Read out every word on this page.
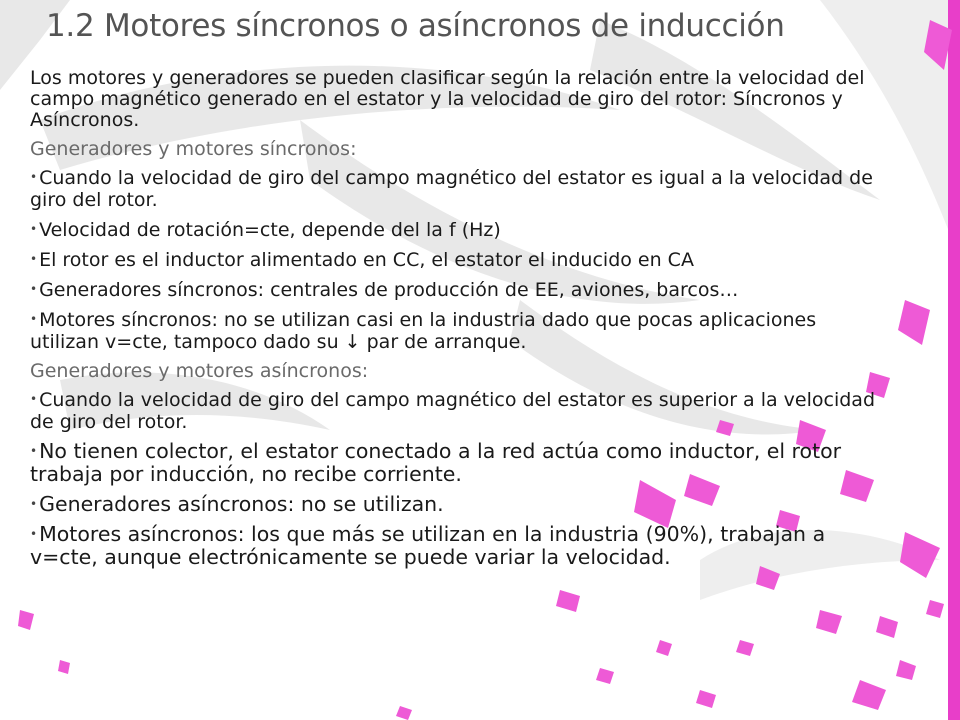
1.2 Motores síncronos o asíncronos de inducción

Los motores y generadores se pueden clasificar según la relación entre la velocidad del campo magnético generado en el estator y la velocidad de giro del rotor: Síncronos y Asíncronos.

Generadores y motores síncronos:

• Cuando la velocidad de giro del campo magnético del estator es igual a la velocidad de giro del rotor.
• Velocidad de rotación=cte, depende del la f (Hz)
• El rotor es el inductor alimentado en CC, el estator el inducido en CA
• Generadores síncronos: centrales de producción de EE, aviones, barcos…
• Motores síncronos: no se utilizan casi en la industria dado que pocas aplicaciones utilizan v=cte, tampoco dado su ↓ par de arranque.

Generadores y motores asíncronos:

• Cuando la velocidad de giro del campo magnético del estator es superior a la velocidad de giro del rotor.
•No tienen colector, el estator conectado a la red actúa como inductor, el rotor trabaja por inducción, no recibe corriente.
•Generadores asíncronos: no se utilizan.
•Motores asíncronos: los que más se utilizan en la industria (90%), trabajan a v=cte, aunque electrónicamente se puede variar la velocidad.
